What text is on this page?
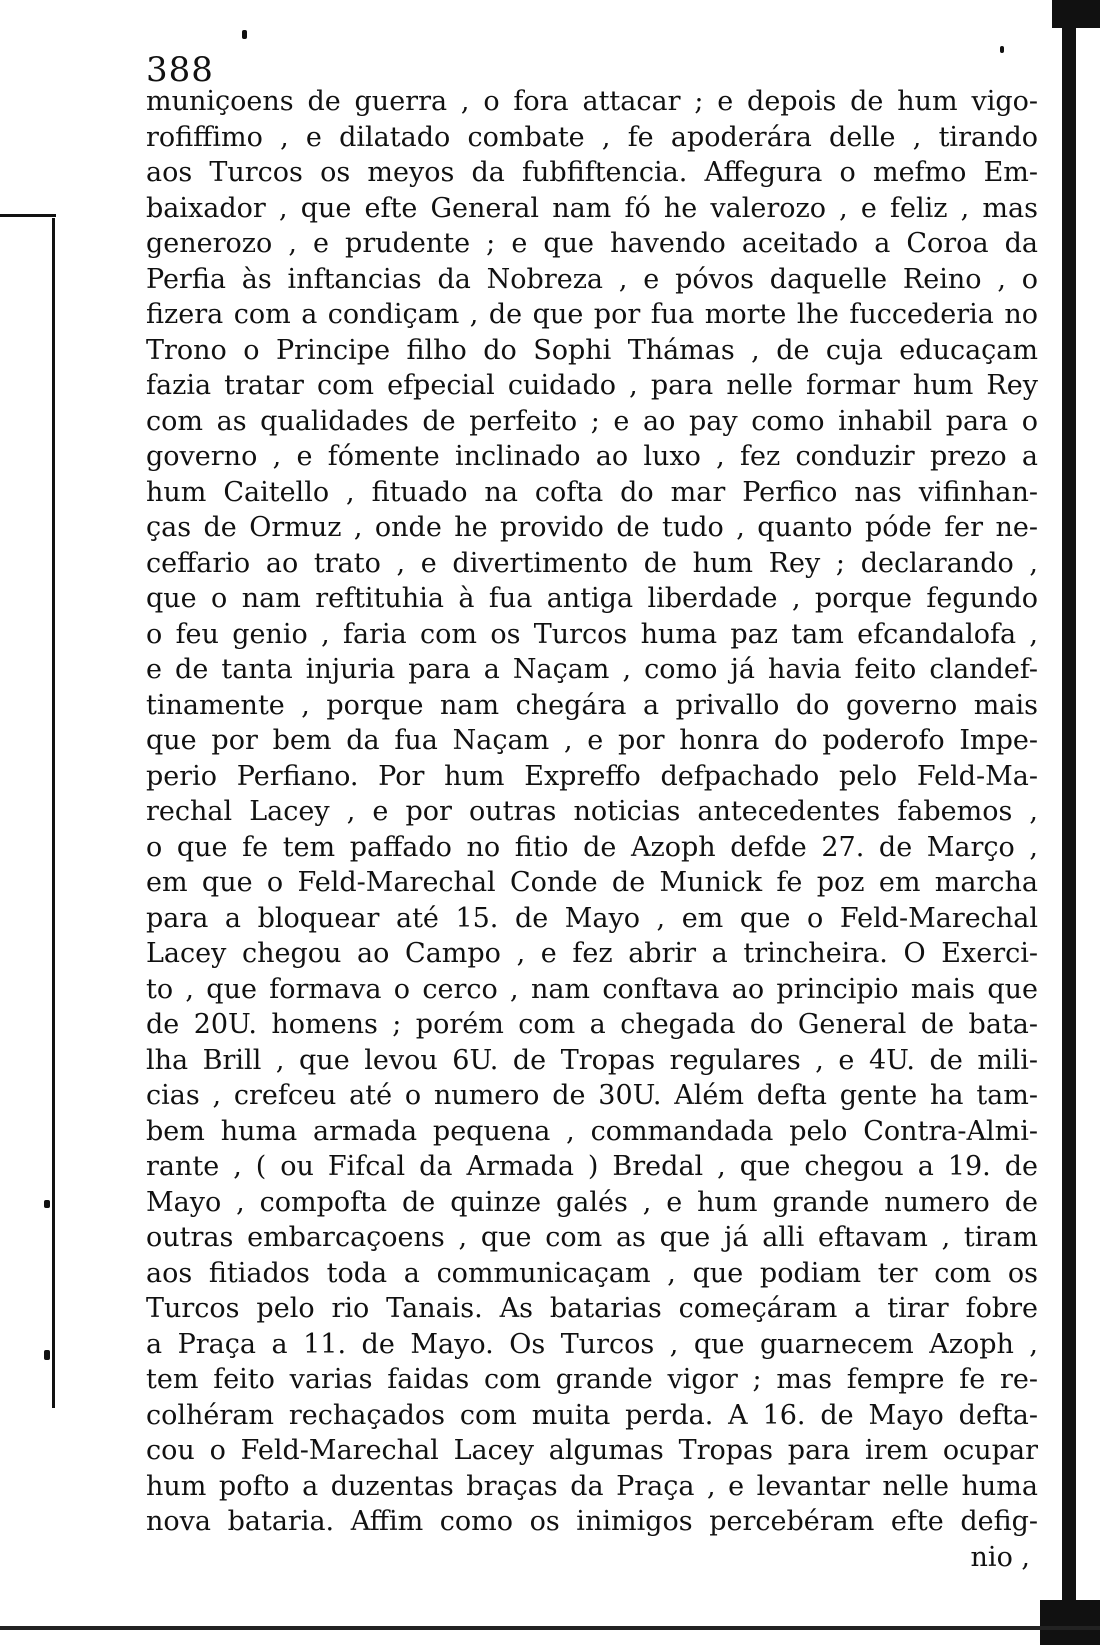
388

muniçoens de guerra , o fora attacar ; e depois de hum vigo-
rofiffimo , e dilatado combate , fe apoderára delle , tirando
aos Turcos os meyos da fubfiftencia. Affegura o mefmo Em-
baixador , que efte General nam fó he valerozo , e feliz , mas
generozo , e prudente ; e que havendo aceitado a Coroa da
Perfia às inftancias da Nobreza , e póvos daquelle Reino , o
fizera com a condiçam , de que por fua morte lhe fuccederia no
Trono o Principe filho do Sophi Thámas , de cuja educaçam
fazia tratar com efpecial cuidado , para nelle formar hum Rey
com as qualidades de perfeito ; e ao pay como inhabil para o
governo , e fómente inclinado ao luxo , fez conduzir prezo a
hum Caitello , fituado na cofta do mar Perfico nas vifinhan-
ças de Ormuz , onde he provido de tudo , quanto póde fer ne-
ceffario ao trato , e divertimento de hum Rey ; declarando ,
que o nam reftituhia à fua antiga liberdade , porque fegundo
o feu genio , faria com os Turcos huma paz tam efcandalofa ,
e de tanta injuria para a Naçam , como já havia feito clandef-
tinamente , porque nam chegára a privallo do governo mais
que por bem da fua Naçam , e por honra do poderofo Impe-
perio Perfiano. Por hum Expreffo defpachado pelo Feld-Ma-
rechal Lacey , e por outras noticias antecedentes fabemos ,
o que fe tem paffado no fitio de Azoph defde 27. de Março ,
em que o Feld-Marechal Conde de Munick fe poz em marcha
para a bloquear até 15. de Mayo , em que o Feld-Marechal
Lacey chegou ao Campo , e fez abrir a trincheira. O Exerci-
to , que formava o cerco , nam conftava ao principio mais que
de 20U. homens ; porém com a chegada do General de bata-
lha Brill , que levou 6U. de Tropas regulares , e 4U. de mili-
cias , crefceu até o numero de 30U. Além defta gente ha tam-
bem huma armada pequena , commandada pelo Contra-Almi-
rante , ( ou Fifcal da Armada ) Bredal , que chegou a 19. de
Mayo , compofta de quinze galés , e hum grande numero de
outras embarcaçoens , que com as que já alli eftavam , tiram
aos fitiados toda a communicaçam , que podiam ter com os
Turcos pelo rio Tanais. As batarias começáram a tirar fobre
a Praça a 11. de Mayo. Os Turcos , que guarnecem Azoph ,
tem feito varias faidas com grande vigor ; mas fempre fe re-
colhéram rechaçados com muita perda. A 16. de Mayo defta-
cou o Feld-Marechal Lacey algumas Tropas para irem ocupar
hum pofto a duzentas braças da Praça , e levantar nelle huma
nova bataria. Affim como os inimigos percebéram efte defig-
nio ,
